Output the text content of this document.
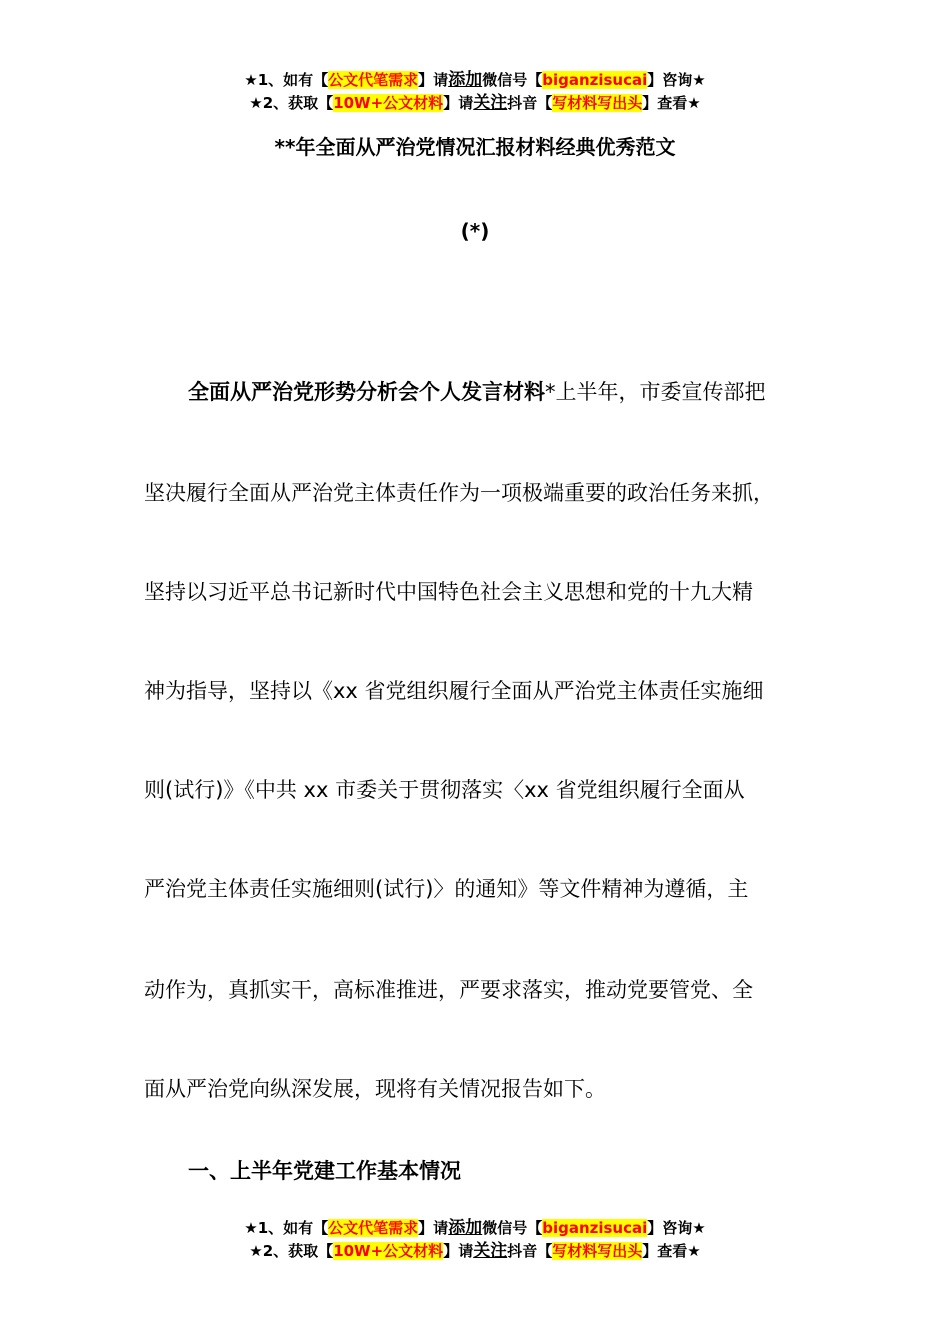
★1、如有【公文代笔需求】请添加微信号【biganzisucai】咨询★
★2、获取【10W+公文材料】请关注抖音【写材料写出头】查看★
**年全面从严治党情况汇报材料经典优秀范文
(*)
全面从严治党形势分析会个人发言材料*上半年，市委宣传部把
坚决履行全面从严治党主体责任作为一项极端重要的政治任务来抓，
坚持以习近平总书记新时代中国特色社会主义思想和党的十九大精
神为指导，坚持以《xx 省党组织履行全面从严治党主体责任实施细
则(试行)》《中共 xx 市委关于贯彻落实〈xx 省党组织履行全面从
严治党主体责任实施细则(试行)〉的通知》等文件精神为遵循，主
动作为，真抓实干，高标准推进，严要求落实，推动党要管党、全
面从严治党向纵深发展，现将有关情况报告如下。
一、上半年党建工作基本情况
★1、如有【公文代笔需求】请添加微信号【biganzisucai】咨询★
★2、获取【10W+公文材料】请关注抖音【写材料写出头】查看★
